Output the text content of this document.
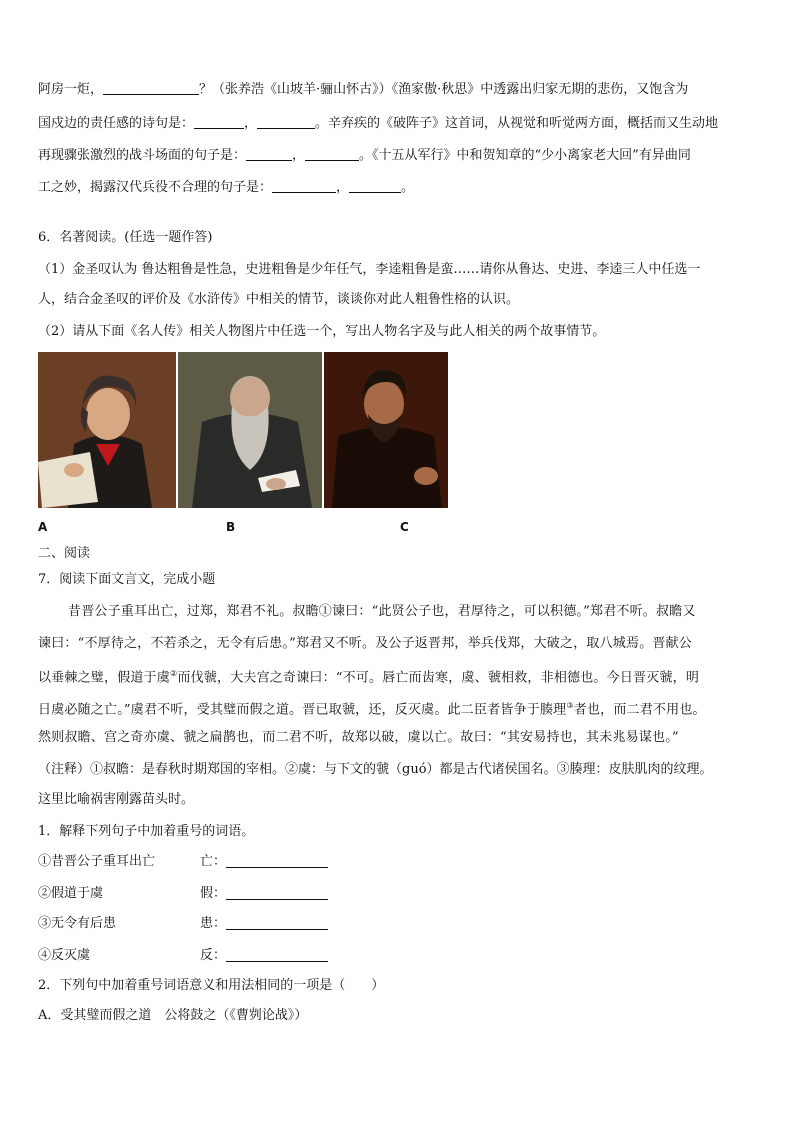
阿房一炬，	？（张养浩《山坡羊·骊山怀古》）《渔家傲·秋思》中透露出归家无期的悲伤，又饱含为
国戍边的责任感的诗句是：	，	。辛弃疾的《破阵子》这首词，从视觉和听觉两方面，概括而又生动地
再现骤张激烈的战斗场面的句子是：	，	。《十五从军行》中和贺知章的“少小离家老大回”有异曲同
工之妙，揭露汉代兵役不合理的句子是：	，	。
6．名著阅读。(任选一题作答)
（1）金圣叹认为 鲁达粗鲁是性急，史进粗鲁是少年任气，李逵粗鲁是蛮……请你从鲁达、史进、李逵三人中任选一
人，结合金圣叹的评价及《水浒传》中相关的情节，谈谈你对此人粗鲁性格的认识。
（2）请从下面《名人传》相关人物图片中任选一个，写出人物名字及与此人相关的两个故事情节。
A	B	C
二、阅读
7．阅读下面文言文，完成小题
昔晋公子重耳出亡，过郑，郑君不礼。叔瞻①谏曰：“此贤公子也，君厚待之，可以积德。”郑君不听。叔瞻又
谏曰：“不厚待之，不若杀之，无令有后患。”郑君又不听。及公子返晋邦，举兵伐郑，大破之，取八城焉。晋献公
以垂棘之璧，假道于虞②而伐虢，大夫宫之奇谏曰：“不可。唇亡而齿寒，虞、虢相救，非相德也。今日晋灭虢，明
日虞必随之亡。”虞君不听，受其璧而假之道。晋已取虢，还，反灭虞。此二臣者皆争于腠理③者也，而二君不用也。
然则叔瞻、宫之奇亦虞、虢之扁鹊也，而二君不听，故郑以破，虞以亡。故曰：“其安易持也，其未兆易谋也。”
（注释）①叔瞻：是春秋时期郑国的宰相。②虞：与下文的虢（guó）都是古代诸侯国名。③腠理：皮肤肌肉的纹理。
这里比喻祸害刚露苗头时。
1．解释下列句子中加着重号的词语。
①昔晋公子重耳出亡	亡：
②假道于虞	假：
③无令有后患	患：
④反灭虞	反：
2．下列句中加着重号词语意义和用法相同的一项是（　　）
A．受其璧而假之道　公将鼓之（《曹刿论战》）
